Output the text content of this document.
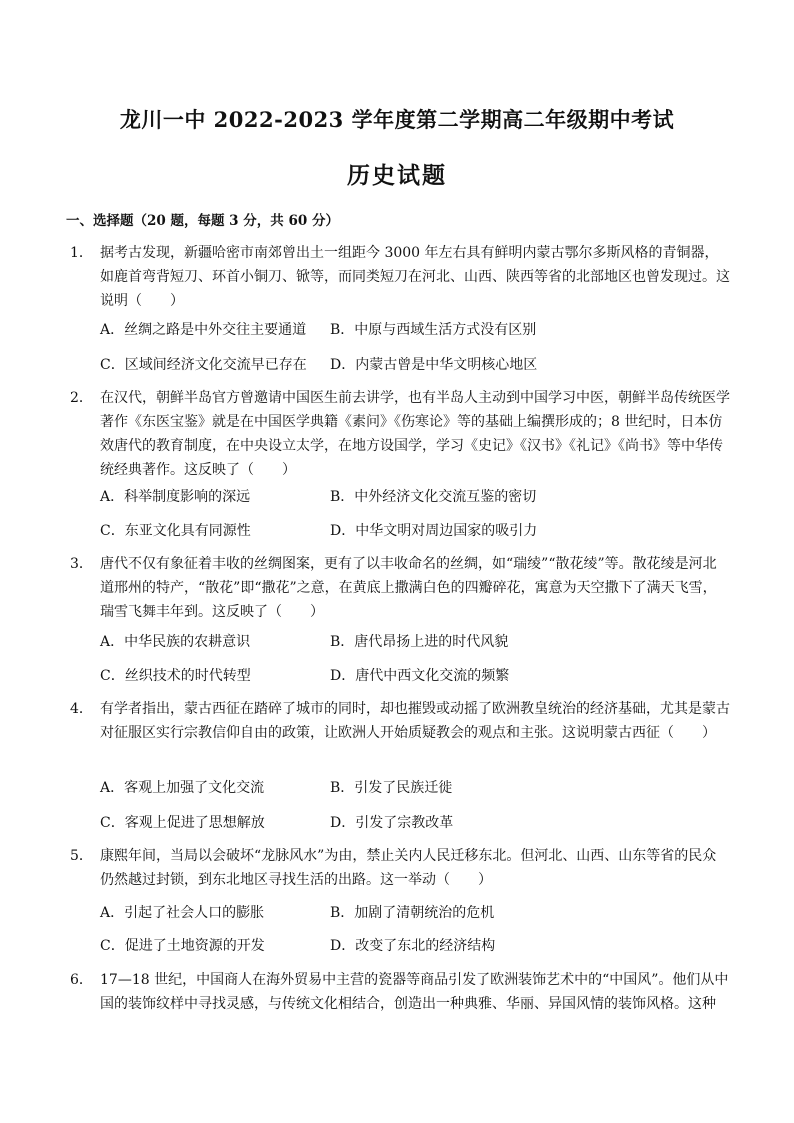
龙川一中 2022-2023 学年度第二学期高二年级期中考试
历史试题
一、选择题（20 题，每题 3 分，共 60 分）
1． 据考古发现，新疆哈密市南郊曾出土一组距今 3000 年左右具有鲜明内蒙古鄂尔多斯风格的青铜器，如鹿首弯背短刀、环首小铜刀、锨等，而同类短刀在河北、山西、陕西等省的北部地区也曾发现过。这说明（　　）
A．丝绸之路是中外交往主要通道 B．中原与西域生活方式没有区别
C．区域间经济文化交流早已存在 D．内蒙古曾是中华文明核心地区
2． 在汉代，朝鲜半岛官方曾邀请中国医生前去讲学，也有半岛人主动到中国学习中医，朝鲜半岛传统医学著作《东医宝鉴》就是在中国医学典籍《素问》《伤寒论》等的基础上编撰形成的；8 世纪时，日本仿效唐代的教育制度，在中央设立太学，在地方设国学，学习《史记》《汉书》《礼记》《尚书》等中华传统经典著作。这反映了（　　）
A．科举制度影响的深远	B．中外经济文化交流互鉴的密切
C．东亚文化具有同源性	D．中华文明对周边国家的吸引力
3． 唐代不仅有象征着丰收的丝绸图案，更有了以丰收命名的丝绸，如“瑞绫”“散花绫”等。散花绫是河北道邢州的特产，“散花”即“撒花”之意，在黄底上撒满白色的四瓣碎花，寓意为天空撒下了满天飞雪，瑞雪飞舞丰年到。这反映了（　　）
A．中华民族的农耕意识	B．唐代昂扬上进的时代风貌
C．丝织技术的时代转型	D．唐代中西文化交流的频繁
4． 有学者指出，蒙古西征在踏碎了城市的同时，却也摧毁或动摇了欧洲教皇统治的经济基础，尤其是蒙古对征服区实行宗教信仰自由的政策，让欧洲人开始质疑教会的观点和主张。这说明蒙古西征（　　）
A．客观上加强了文化交流	B．引发了民族迁徙
C．客观上促进了思想解放	D．引发了宗教改革
5． 康熙年间，当局以会破坏“龙脉风水”为由，禁止关内人民迁移东北。但河北、山西、山东等省的民众仍然越过封锁，到东北地区寻找生活的出路。这一举动（　　）
A．引起了社会人口的膨胀	B．加剧了清朝统治的危机
C．促进了土地资源的开发	D．改变了东北的经济结构
6． 17—18 世纪，中国商人在海外贸易中主营的瓷器等商品引发了欧洲装饰艺术中的“中国风”。他们从中国的装饰纹样中寻找灵感，与传统文化相结合，创造出一种典雅、华丽、异国风情的装饰风格。这种
